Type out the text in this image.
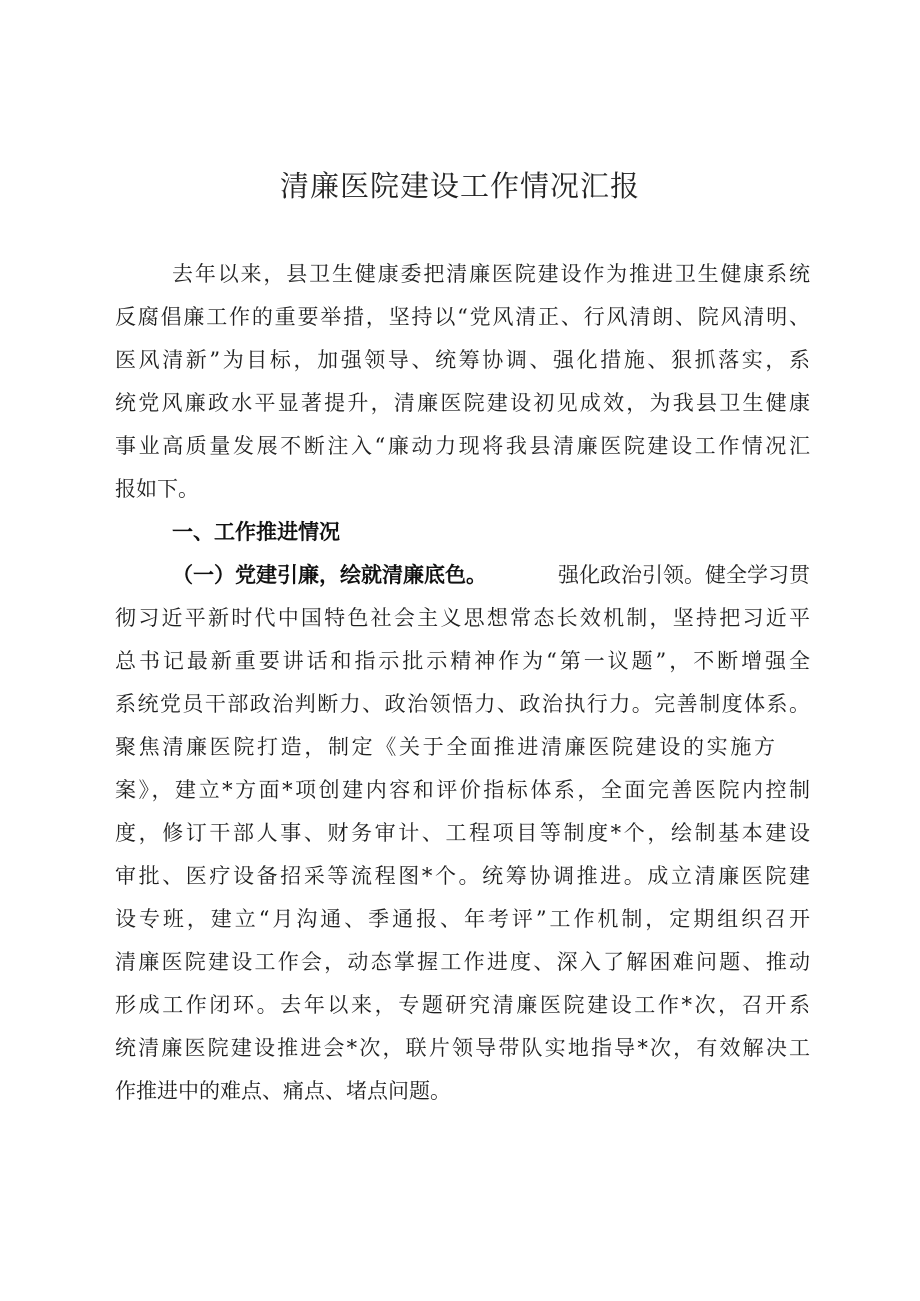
清廉医院建设工作情况汇报
去年以来，县卫生健康委把清廉医院建设作为推进卫生健康系统
反腐倡廉工作的重要举措，坚持以“党风清正、行风清朗、院风清明、
医风清新”为目标，加强领导、统筹协调、强化措施、狠抓落实，系
统党风廉政水平显著提升，清廉医院建设初见成效，为我县卫生健康
事业高质量发展不断注入“廉动力现将我县清廉医院建设工作情况汇
报如下。
一、工作推进情况
（一）党建引廉，绘就清廉底色。	强化政治引领。健全学习贯
彻习近平新时代中国特色社会主义思想常态长效机制，坚持把习近平
总书记最新重要讲话和指示批示精神作为“第一议题”，不断增强全
系统党员干部政治判断力、政治领悟力、政治执行力。完善制度体系。
聚焦清廉医院打造，制定《关于全面推进清廉医院建设的实施方
案》，建立*方面*项创建内容和评价指标体系，全面完善医院内控制
度，修订干部人事、财务审计、工程项目等制度*个，绘制基本建设
审批、医疗设备招采等流程图*个。统筹协调推进。成立清廉医院建
设专班，建立“月沟通、季通报、年考评”工作机制，定期组织召开
清廉医院建设工作会，动态掌握工作进度、深入了解困难问题、推动
形成工作闭环。去年以来，专题研究清廉医院建设工作*次，召开系
统清廉医院建设推进会*次，联片领导带队实地指导*次，有效解决工
作推进中的难点、痛点、堵点问题。
